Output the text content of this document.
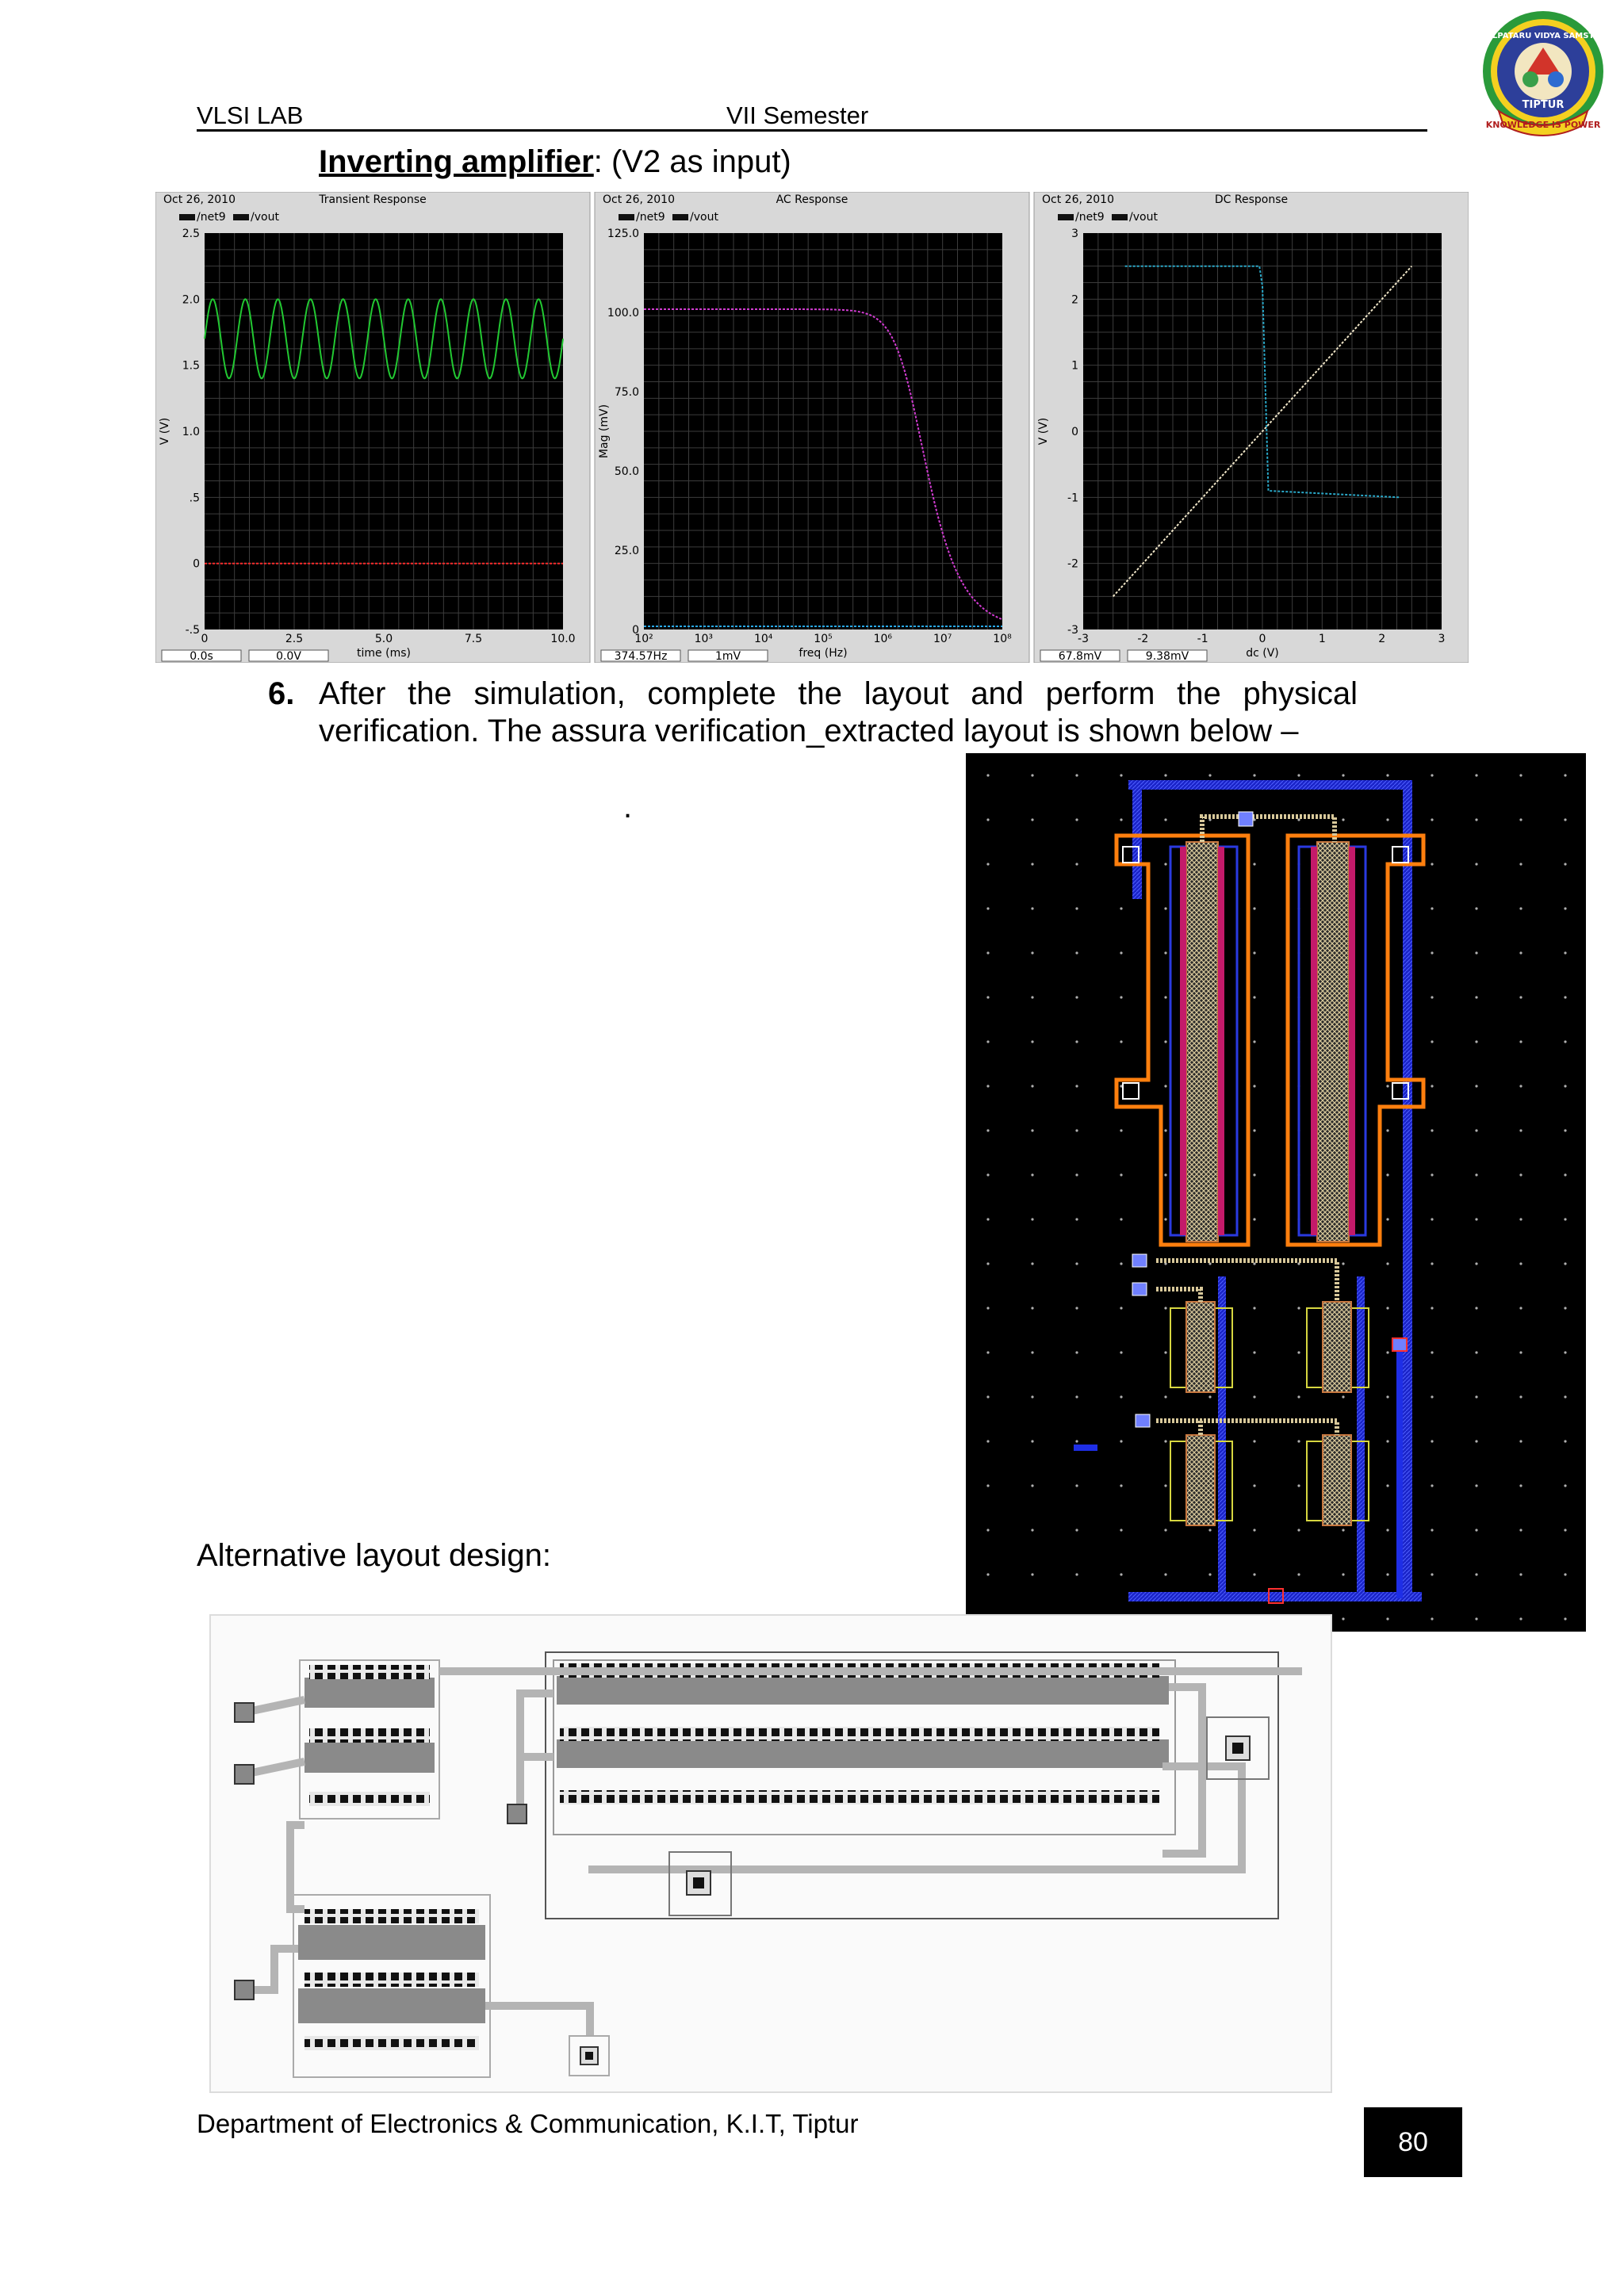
VLSI LAB	VII Semester	KNOWLEDGE IS POWER
KALPATARU VIDYA SAMSTHE
TIPTUR
Inverting amplifier: (V2 as input)
Oct 26, 2010	Transient Response
/net9 /vout
0	2.5	5.0	7.5	10.0
2.5
2.0
1.5
1.0
.5
0
-.5
time (ms)
V (V)
0.0s	0.0V
Oct 26, 2010	AC Response
/net9 /vout
10²	10³	10⁴	10⁵	10⁶	10⁷	10⁸
125.0
100.0
75.0
50.0
25.0
0
freq (Hz)
Mag (mV)
374.57Hz	1mV
Oct 26, 2010	DC Response
/net9 /vout
-3	-2	-1	0	1	2	3
3
2
1
0
-1
-2
-3
dc (V)
V (V)
67.8mV	9.38mV
6. After the simulation, complete the layout and perform the physical
verification. The assura verification_extracted layout is shown below –
.
Alternative layout design:
Department of Electronics & Communication, K.I.T, Tiptur
80
